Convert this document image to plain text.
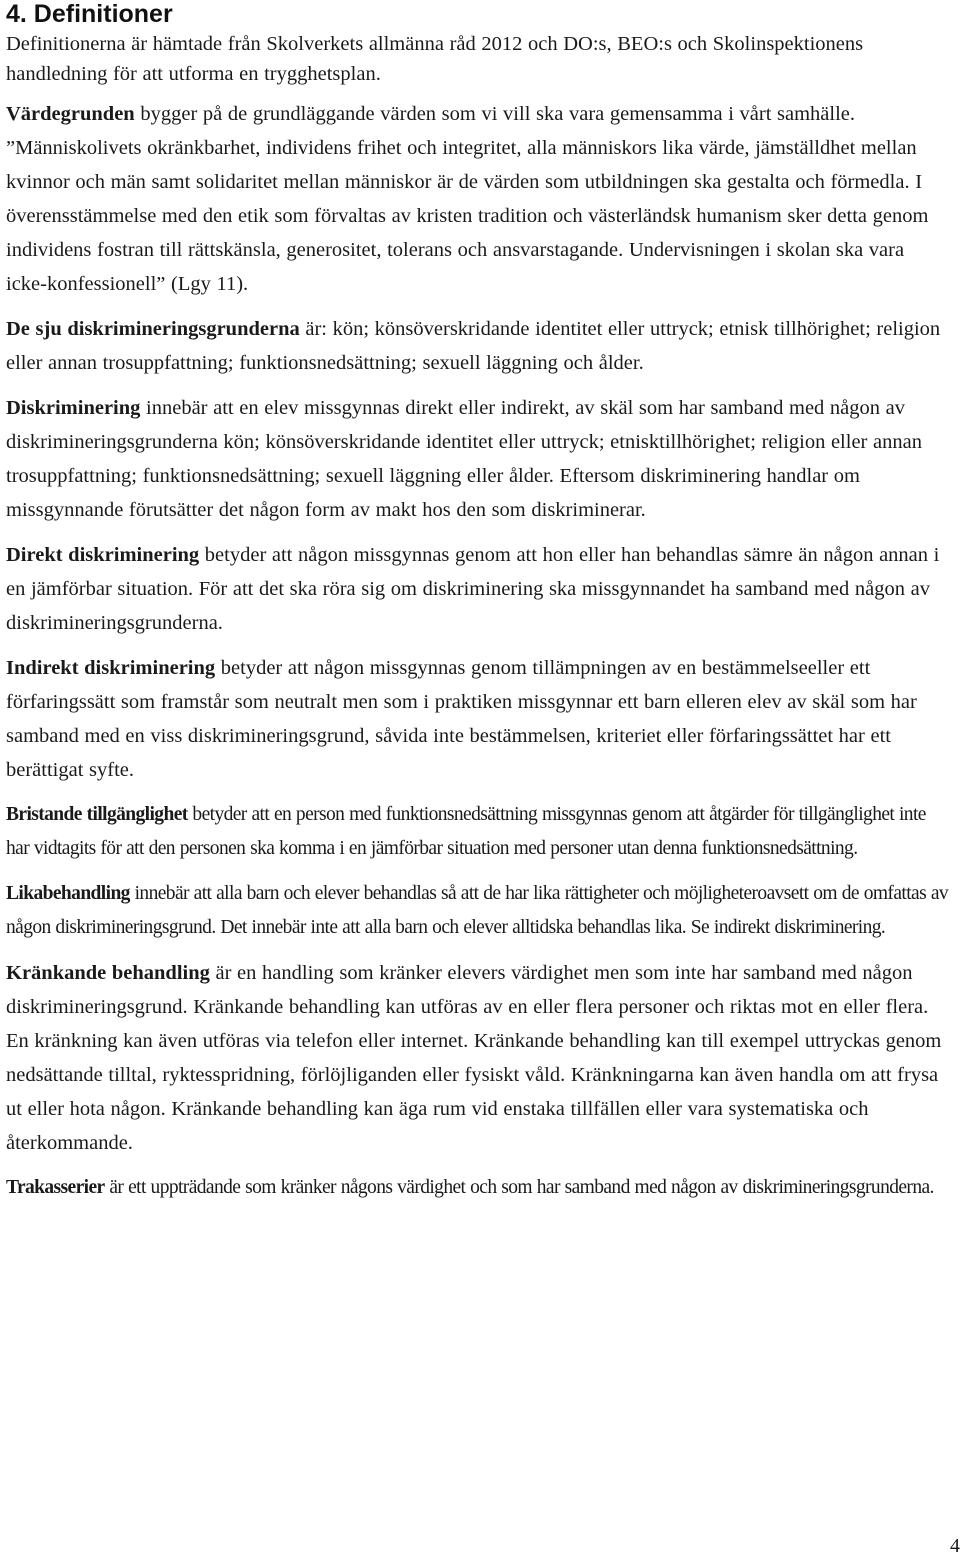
4. Definitioner

Definitionerna är hämtade från Skolverkets allmänna råd 2012 och DO:s, BEO:s och Skolinspektionens handledning för att utforma en trygghetsplan.

Värdegrunden bygger på de grundläggande värden som vi vill ska vara gemensamma i vårt samhälle. ”Människolivets okränkbarhet, individens frihet och integritet, alla människors lika värde, jämställdhet mellan kvinnor och män samt solidaritet mellan människor är de värden som utbildningen ska gestalta och förmedla. I överensstämmelse med den etik som förvaltas av kristen tradition och västerländsk humanism sker detta genom individens fostran till rättskänsla, generositet, tolerans och ansvarstagande. Undervisningen i skolan ska vara icke-konfessionell” (Lgy 11).

De sju diskrimineringsgrunderna är: kön; könsöverskridande identitet eller uttryck; etnisk tillhörighet; religion eller annan trosuppfattning; funktionsnedsättning; sexuell läggning och ålder.

Diskriminering innebär att en elev missgynnas direkt eller indirekt, av skäl som har samband med någon av diskrimineringsgrunderna kön; könsöverskridande identitet eller uttryck; etnisktillhörighet; religion eller annan trosuppfattning; funktionsnedsättning; sexuell läggning eller ålder. Eftersom diskriminering handlar om missgynnande förutsätter det någon form av makt hos den som diskriminerar.

Direkt diskriminering betyder att någon missgynnas genom att hon eller han behandlas sämre än någon annan i en jämförbar situation. För att det ska röra sig om diskriminering ska missgynnandet ha samband med någon av diskrimineringsgrunderna.

Indirekt diskriminering betyder att någon missgynnas genom tillämpningen av en bestämmelseeller ett förfaringssätt som framstår som neutralt men som i praktiken missgynnar ett barn elleren elev av skäl som har samband med en viss diskrimineringsgrund, såvida inte bestämmelsen, kriteriet eller förfaringssättet har ett berättigat syfte.

Bristande tillgänglighet betyder att en person med funktionsnedsättning missgynnas genom att åtgärder för tillgänglighet inte har vidtagits för att den personen ska komma i en jämförbar situation med personer utan denna funktionsnedsättning.

Likabehandling innebär att alla barn och elever behandlas så att de har lika rättigheter och möjligheteroavsett om de omfattas av någon diskrimineringsgrund. Det innebär inte att alla barn och elever alltidska behandlas lika. Se indirekt diskriminering.

Kränkande behandling är en handling som kränker elevers värdighet men som inte har samband med någon diskrimineringsgrund. Kränkande behandling kan utföras av en eller flera personer och riktas mot en eller flera. En kränkning kan även utföras via telefon eller internet. Kränkande behandling kan till exempel uttryckas genom nedsättande tilltal, ryktesspridning, förlöjliganden eller fysiskt våld. Kränkningarna kan även handla om att frysa ut eller hota någon. Kränkande behandling kan äga rum vid enstaka tillfällen eller vara systematiska och återkommande.

Trakasserier är ett uppträdande som kränker någons värdighet och som har samband med någon av diskrimineringsgrunderna.

4
